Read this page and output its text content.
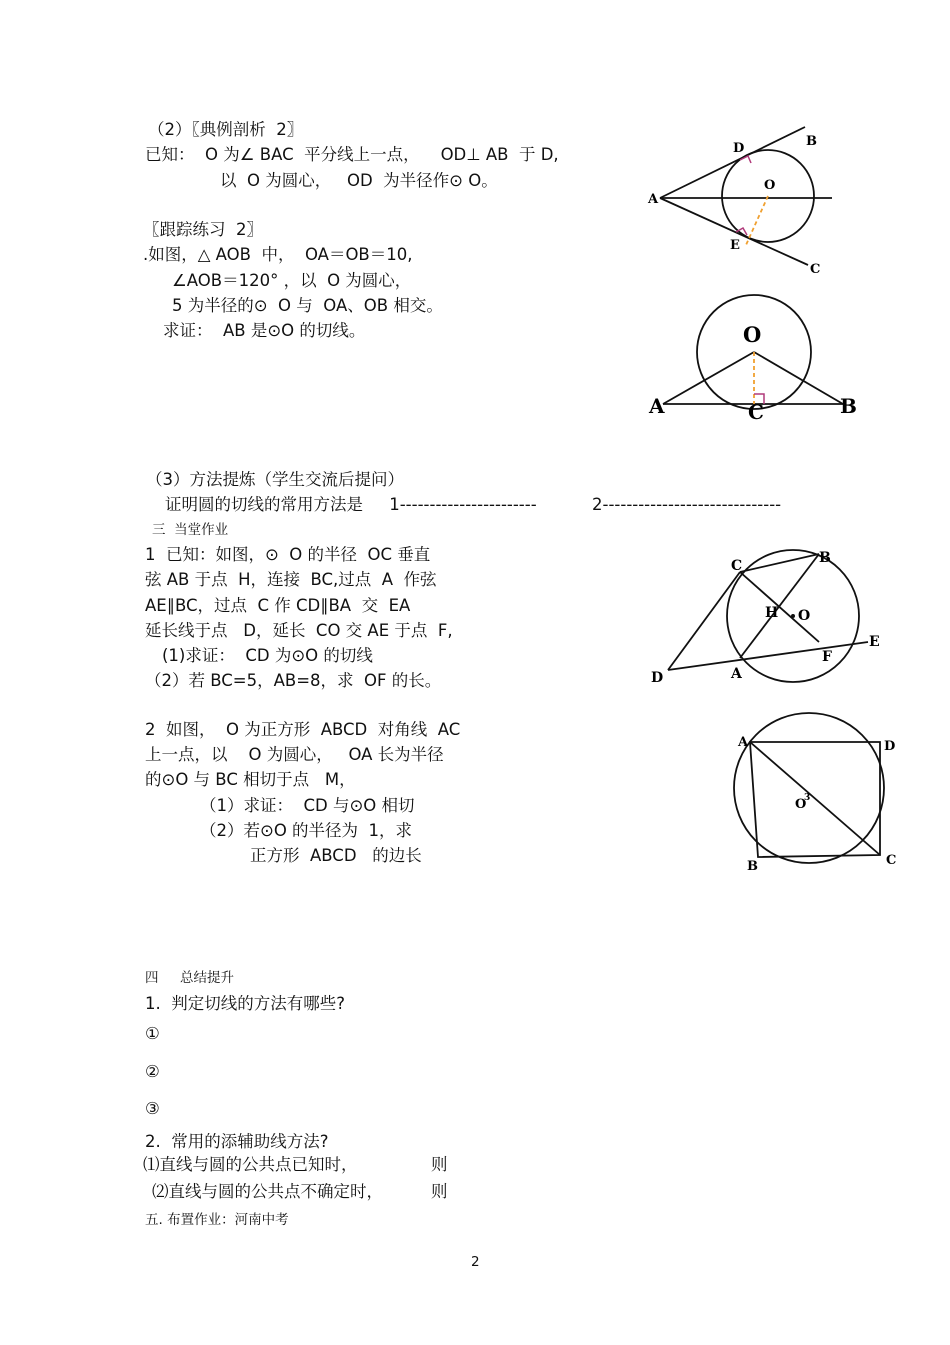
（2）〖典例剖析  2〗
已知：  O 为∠ BAC  平分线上一点，    OD⊥ AB  于 D,
以  O 为圆心，   OD  为半径作⊙ O。
〖跟踪练习  2〗
.如图，△ AOB  中，  OA＝OB＝10,
∠AOB＝120° ，以  O 为圆心，
5 为半径的⊙  O 与  OA、OB 相交。
求证：  AB 是⊙O 的切线。
A
B
C
D
E
O
O
A	B
C
（3）方法提炼（学生交流后提问）
证明圆的切线的常用方法是     1-----------------------	2------------------------------
三  当堂作业
1  已知：如图，⊙  O 的半径  OC 垂直
弦 AB 于点  H，连接  BC,过点  A  作弦
AE∥BC，过点  C 作 CD∥BA  交  EA
延长线于点   D，延长  CO 交 AE 于点  F,
(1)求证：  CD 为⊙O 的切线
（2）若 BC=5，AB=8，求  OF 的长。
C	B
H O
E
F
A
D
2  如图，  O 为正方形  ABCD  对角线  AC
上一点，以    O 为圆心，   OA 长为半径
的⊙O 与 BC 相切于点   M，
（1）求证：  CD 与⊙O 相切
（2）若⊙O 的半径为  1，求
正方形  ABCD   的边长
A	D
O
3
B	C
四     总结提升
1.  判定切线的方法有哪些?
①
②
③
2.  常用的添辅助线方法?
⑴直线与圆的公共点已知时，	则
⑵直线与圆的公共点不确定时，	则
五. 布置作业：河南中考
2
